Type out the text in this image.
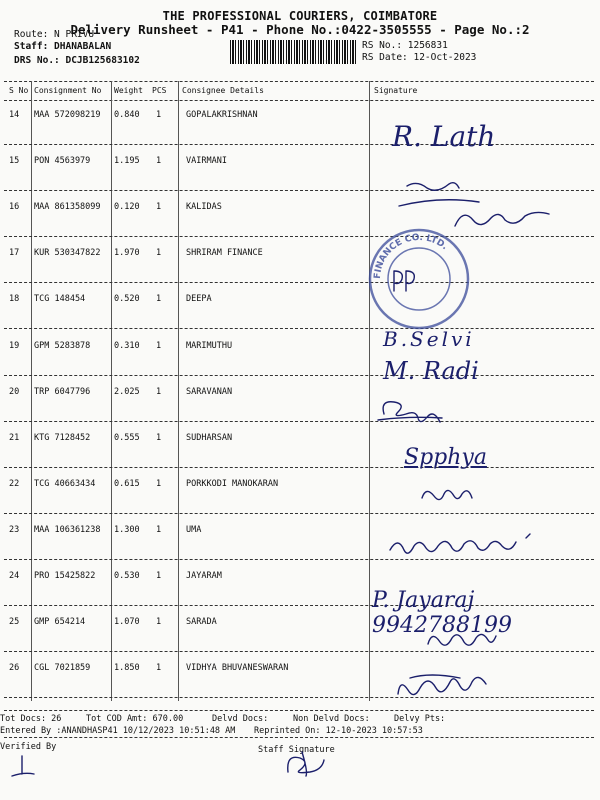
THE PROFESSIONAL COURIERS, COIMBATORE
Delivery Runsheet - P41 - Phone No.:0422-3505555 - Page No.:2
Route: N PRIVU
Staff: DHANABALAN
DRS No.: DCJB125683102
RS No.: 1256831
RS Date: 12-Oct-2023
S No Consignment No Weight PCS Consignee Details	Signature
14 MAA 572098219 0.840 1	GOPALAKRISHNAN
15 PON 4563979	1.195 1	VAIRMANI
16 MAA 861358099 0.120 1	KALIDAS
17 KUR 530347822 1.970 1	SHRIRAM FINANCE
18 TCG 148454	0.520 1	DEEPA
19 GPM 5283878	0.310 1	MARIMUTHU
20 TRP 6047796	2.025 1	SARAVANAN
21 KTG 7128452	0.555 1	SUDHARSAN
22 TCG 40663434 0.615 1	PORKKODI MANOKARAN
23 MAA 106361238 1.300 1	UMA
24 PRO 15425822 0.530 1	JAYARAM
25 GMP 654214	1.070 1	SARADA
26 CGL 7021859	1.850 1	VIDHYA BHUVANESWARAN
FINANCE CO. LTD.
R. Lath
B.Selvi
M. Radi
Spphya
P. Jayaraj 9942788199
Tot Docs: 26	Tot COD Amt: 670.00	Delvd Docs:	Non Delvd Docs:	Delvy Pts:
Entered By :ANANDHASP41 10/12/2023 10:51:48 AM Reprinted On: 12-10-2023 10:57:53
Verified By	Staff Signature
